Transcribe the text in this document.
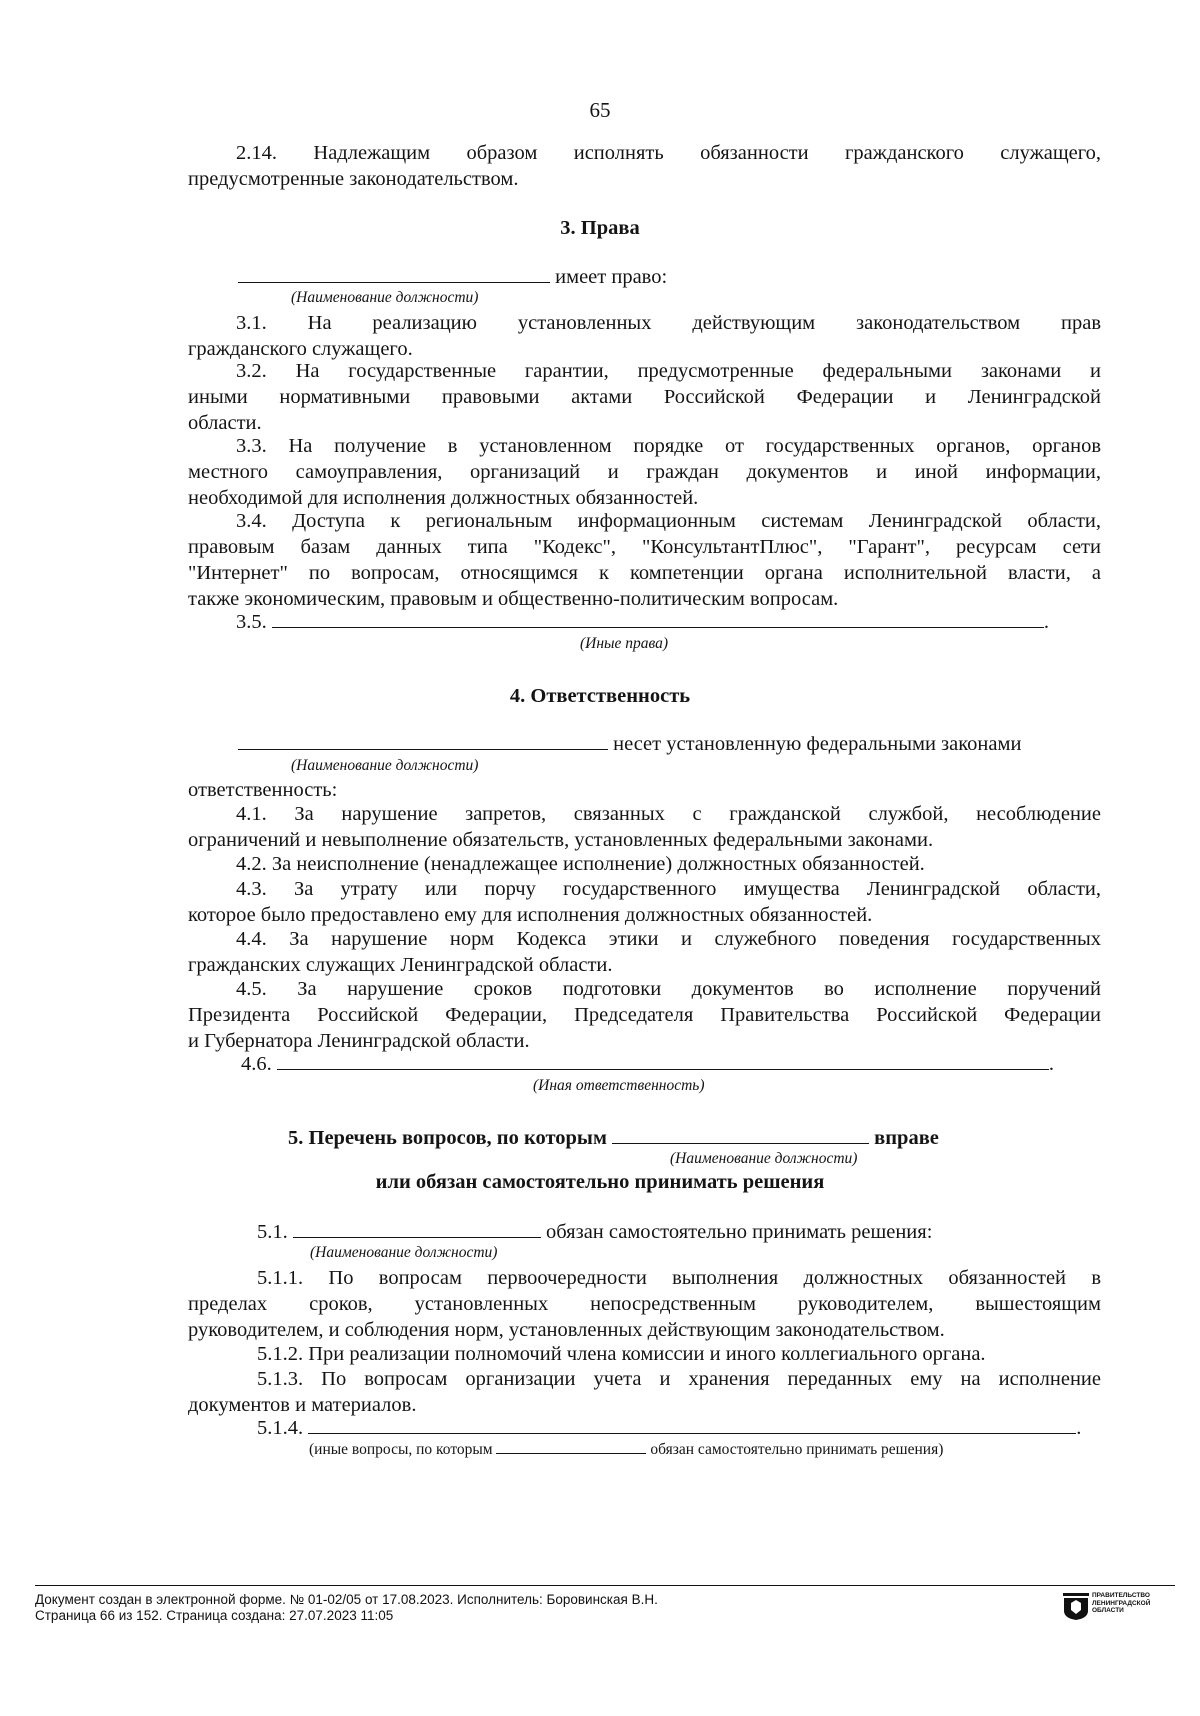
65
2.14. Надлежащим образом исполнять обязанности гражданского служащего,
предусмотренные законодательством.
3. Права
имеет право:
(Наименование должности)
3.1. На реализацию установленных действующим законодательством прав
гражданского служащего.
3.2. На государственные гарантии, предусмотренные федеральными законами и
иными нормативными правовыми актами Российской Федерации и Ленинградской
области.
3.3. На получение в установленном порядке от государственных органов, органов
местного самоуправления, организаций и граждан документов и иной информации,
необходимой для исполнения должностных обязанностей.
3.4. Доступа к региональным информационным системам Ленинградской области,
правовым базам данных типа "Кодекс", "КонсультантПлюс", "Гарант", ресурсам сети
"Интернет" по вопросам, относящимся к компетенции органа исполнительной власти, а
также экономическим, правовым и общественно-политическим вопросам.
3.5.	.
(Иные права)
4. Ответственность
несет установленную федеральными законами
(Наименование должности)
ответственность:
4.1. За нарушение запретов, связанных с гражданской службой, несоблюдение
ограничений и невыполнение обязательств, установленных федеральными законами.
4.2. За неисполнение (ненадлежащее исполнение) должностных обязанностей.
4.3. За утрату или порчу государственного имущества Ленинградской области,
которое было предоставлено ему для исполнения должностных обязанностей.
4.4. За нарушение норм Кодекса этики и служебного поведения государственных
гражданских служащих Ленинградской области.
4.5. За нарушение сроков подготовки документов во исполнение поручений
Президента Российской Федерации, Председателя Правительства Российской Федерации
и Губернатора Ленинградской области.
4.6.	.
(Иная ответственность)
5. Перечень вопросов, по которым	вправе
(Наименование должности)
или обязан самостоятельно принимать решения
5.1.	обязан самостоятельно принимать решения:
(Наименование должности)
5.1.1. По вопросам первоочередности выполнения должностных обязанностей в
пределах сроков, установленных непосредственным руководителем, вышестоящим
руководителем, и соблюдения норм, установленных действующим законодательством.
5.1.2. При реализации полномочий члена комиссии и иного коллегиального органа.
5.1.3. По вопросам организации учета и хранения переданных ему на исполнение
документов и материалов.
5.1.4.	.
(иные вопросы, по которым	обязан самостоятельно принимать решения)
Документ создан в электронной форме. № 01-02/05 от 17.08.2023. Исполнитель: Боровинская В.Н.
Страница 66 из 152. Страница создана: 27.07.2023 11:05
ПРАВИТЕЛЬСТВО
ЛЕНИНГРАДСКОЙ
ОБЛАСТИ
